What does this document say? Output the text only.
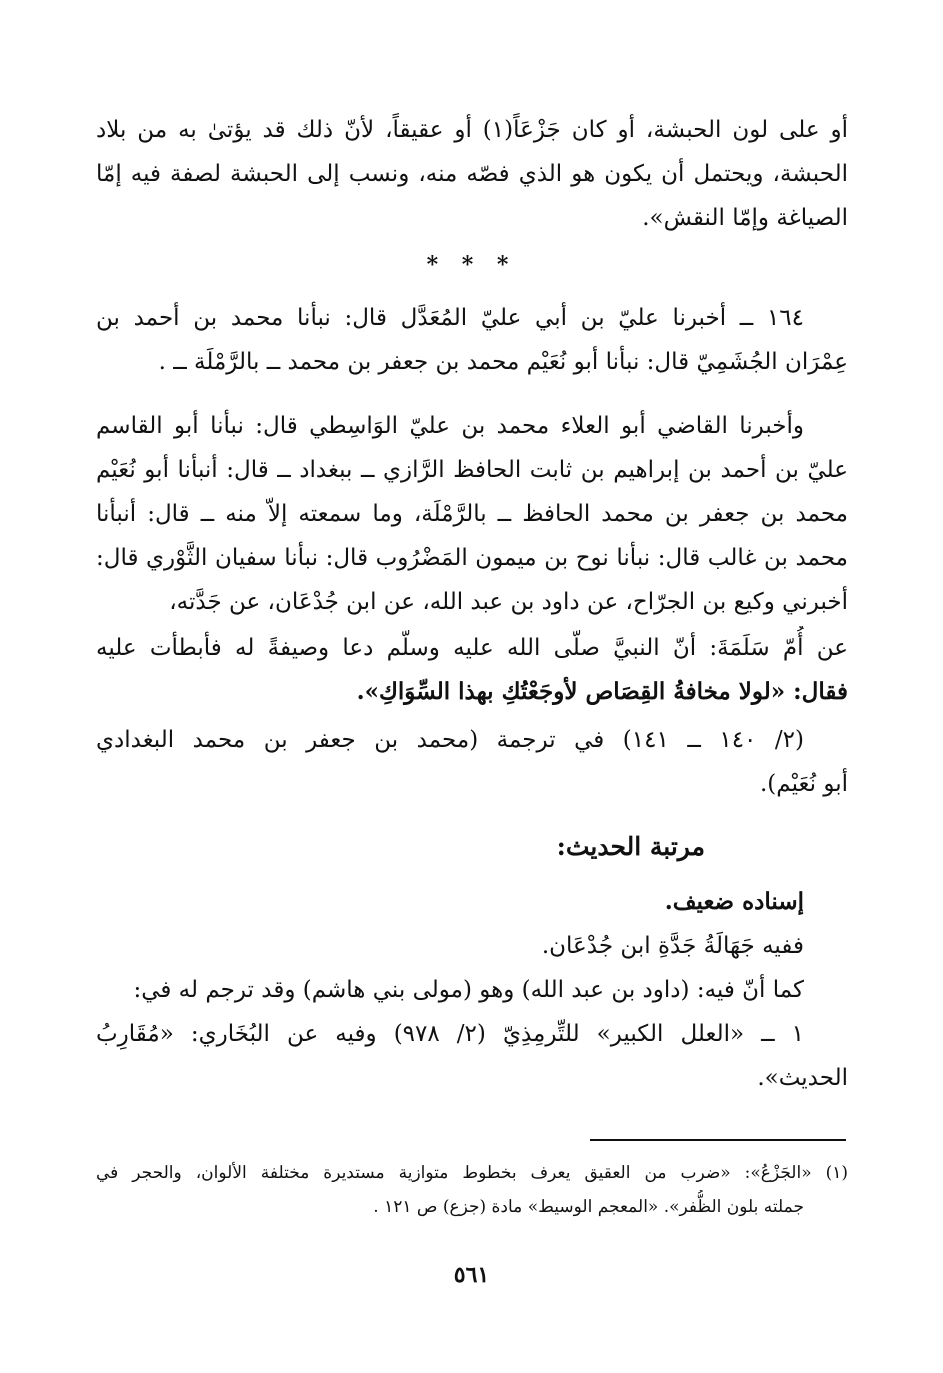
أو على لون الحبشة، أو كان جَزْعَاً(١) أو عقيقاً، لأنّ ذلك قد يؤتىٰ به من بلاد
الحبشة، ويحتمل أن يكون هو الذي فصّه منه، ونسب إلى الحبشة لصفة فيه إمّا
الصياغة وإمّا النقش».
* * *
١٦٤ ــ أخبرنا عليّ بن أبي عليّ المُعَدَّل قال: نبأنا محمد بن أحمد بن
عِمْرَان الجُشَمِيّ قال: نبأنا أبو نُعَيْم محمد بن جعفر بن محمد ــ بالرَّمْلَة ــ .
وأخبرنا القاضي أبو العلاء محمد بن عليّ الوَاسِطي قال: نبأنا أبو القاسم
عليّ بن أحمد بن إبراهيم بن ثابت الحافظ الرَّازي ــ ببغداد ــ قال: أنبأنا أبو نُعَيْم
محمد بن جعفر بن محمد الحافظ ــ بالرَّمْلَة، وما سمعته إلاّ منه ــ قال: أنبأنا
محمد بن غالب قال: نبأنا نوح بن ميمون المَضْرُوب قال: نبأنا سفيان الثَّوْري قال:
أخبرني وكيع بن الجرّاح، عن داود بن عبد الله، عن ابن جُدْعَان، عن جَدَّته،
عن أُمّ سَلَمَةَ: أنّ النبيَّ صلّى الله عليه وسلّم دعا وصيفةً له فأبطأت عليه
فقال: «لولا مخافةُ القِصَاص لأوجَعْتُكِ بهذا السِّوَاكِ».
(٢/ ١٤٠ ــ ١٤١) في ترجمة (محمد بن جعفر بن محمد البغدادي
أبو نُعَيْم).
مرتبة الحديث:
إسناده ضعيف.
ففيه جَهَالَةُ جَدَّةِ ابن جُدْعَان.
كما أنّ فيه: (داود بن عبد الله) وهو (مولى بني هاشم) وقد ترجم له في:
١ ــ «العلل الكبير» للتِّرمِذِيّ (٢/ ٩٧٨) وفيه عن البُخَاري: «مُقَارِبُ
الحديث».
(١) «الجَزْعُ»: «ضرب من العقيق يعرف بخطوط متوازية مستديرة مختلفة الألوان، والحجر في
جملته بلون الظُّفر». «المعجم الوسيط» مادة (جزع) ص ١٢١ .
٥٦١
